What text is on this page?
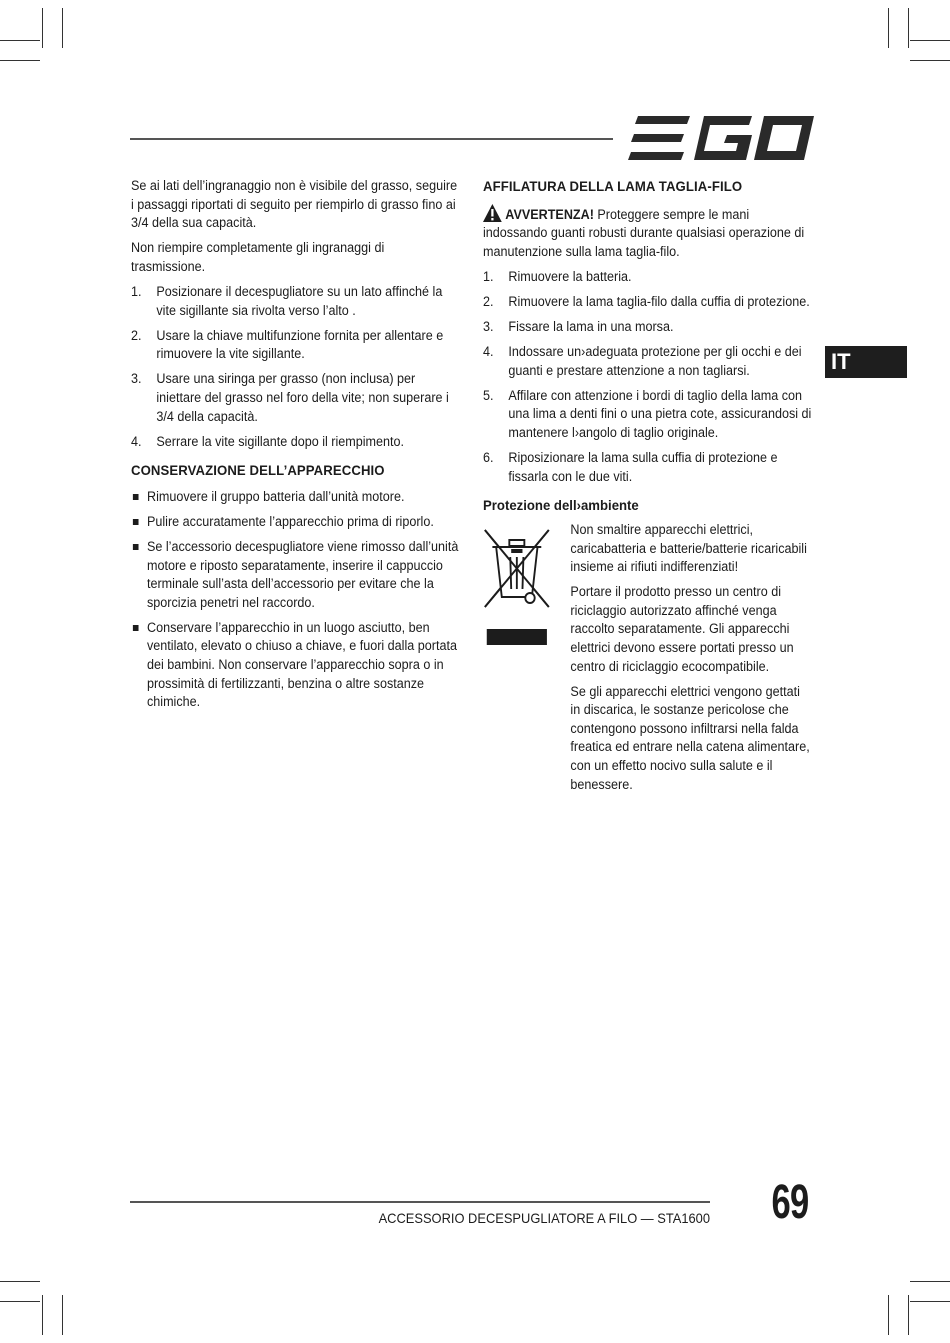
IT

Se ai lati dell’ingranaggio non è visibile del grasso, seguire i passaggi riportati di seguito per riempirlo di grasso fino ai 3/4 della sua capacità.

Non riempire completamente gli ingranaggi di trasmissione.

1. Posizionare il decespugliatore su un lato affinché la vite sigillante sia rivolta verso l’alto .
2. Usare la chiave multifunzione fornita per allentare e rimuovere la vite sigillante.
3. Usare una siringa per grasso (non inclusa) per iniettare del grasso nel foro della vite; non superare i 3/4 della capacità.
4. Serrare la vite sigillante dopo il riempimento.
CONSERVAZIONE DELL’APPARECCHIO
Rimuovere il gruppo batteria dall’unità motore.
Pulire accuratamente l’apparecchio prima di riporlo.
Se l’accessorio decespugliatore viene rimosso dall’unità motore e riposto separatamente, inserire il cappuccio terminale sull’asta dell’accessorio per evitare che la sporcizia penetri nel raccordo.
Conservare l’apparecchio in un luogo asciutto, ben ventilato, elevato o chiuso a chiave, e fuori dalla portata dei bambini. Non conservare l’apparecchio sopra o in prossimità di fertilizzanti, benzina o altre sostanze chimiche.
AFFILATURA DELLA LAMA TAGLIA-FILO

AVVERTENZA! Proteggere sempre le mani indossando guanti robusti durante qualsiasi operazione di manutenzione sulla lama taglia-filo.

1. Rimuovere la batteria.
2. Rimuovere la lama taglia-filo dalla cuffia di protezione.
3. Fissare la lama in una morsa.
4. Indossare un›adeguata protezione per gli occhi e dei guanti e prestare attenzione a non tagliarsi.
5. Affilare con attenzione i bordi di taglio della lama con una lima a denti fini o una pietra cote, assicurandosi di mantenere l›angolo di taglio originale.
6. Riposizionare la lama sulla cuffia di protezione e fissarla con le due viti.
Protezione dell›ambiente

Non smaltire apparecchi elettrici, caricabatteria e batterie/batterie ricaricabili insieme ai rifiuti indifferenziati!

Portare il prodotto presso un centro di riciclaggio autorizzato affinché venga raccolto separatamente. Gli apparecchi elettrici devono essere portati presso un centro di riciclaggio ecocompatibile.

Se gli apparecchi elettrici vengono gettati in discarica, le sostanze pericolose che contengono possono infiltrarsi nella falda freatica ed entrare nella catena alimentare, con un effetto nocivo sulla salute e il benessere.

ACCESSORIO DECESPUGLIATORE A FILO — STA1600 69
